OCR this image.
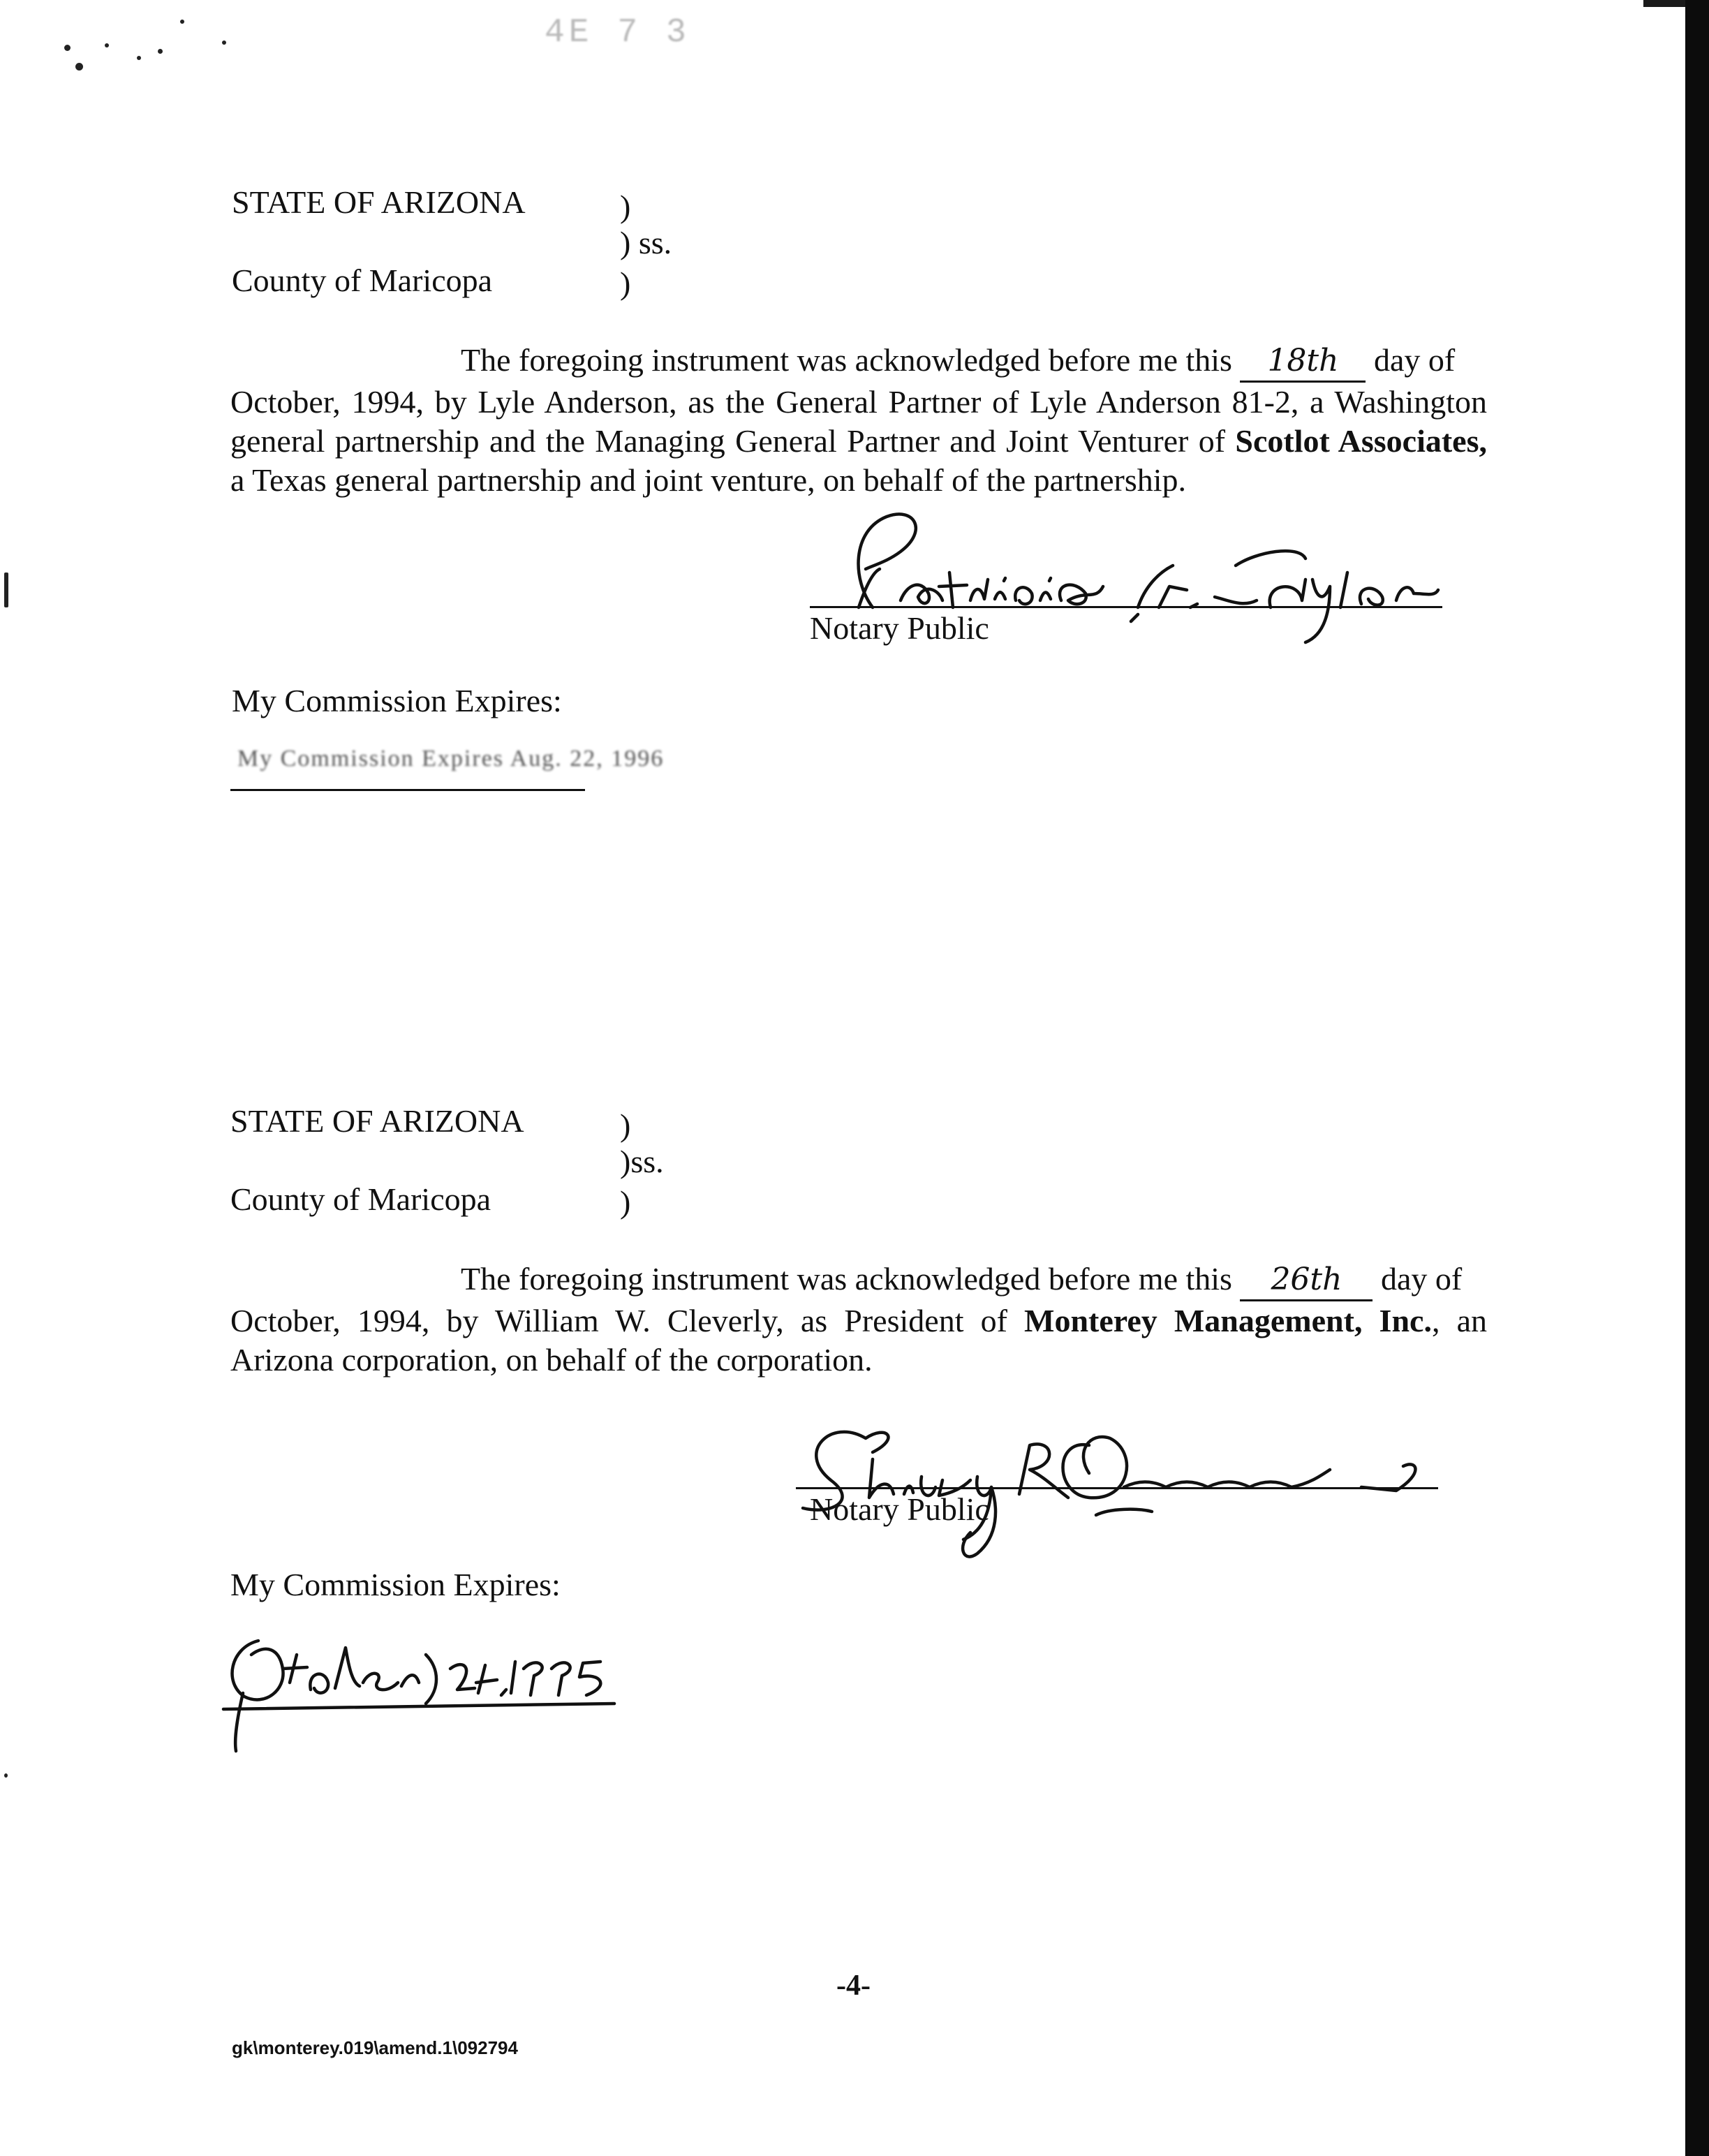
4E 7 3
STATE OF ARIZONA	)
) ss.
County of Maricopa	)
The foregoing instrument was acknowledged before me this 18th day of
October, 1994, by Lyle Anderson, as the General Partner of Lyle Anderson 81-2, a Washington
general partnership and the Managing General Partner and Joint Venturer of Scotlot Associates,
a Texas general partnership and joint venture, on behalf of the partnership.
Notary Public
My Commission Expires:
My Commission Expires Aug. 22, 1996
STATE OF ARIZONA	)
)ss.
County of Maricopa	)
The foregoing instrument was acknowledged before me this 26th day of
October, 1994, by William W. Cleverly, as President of Monterey Management, Inc., an
Arizona corporation, on behalf of the corporation.
Notary Public
My Commission Expires:
-4-
gk\monterey.019\amend.1\092794
